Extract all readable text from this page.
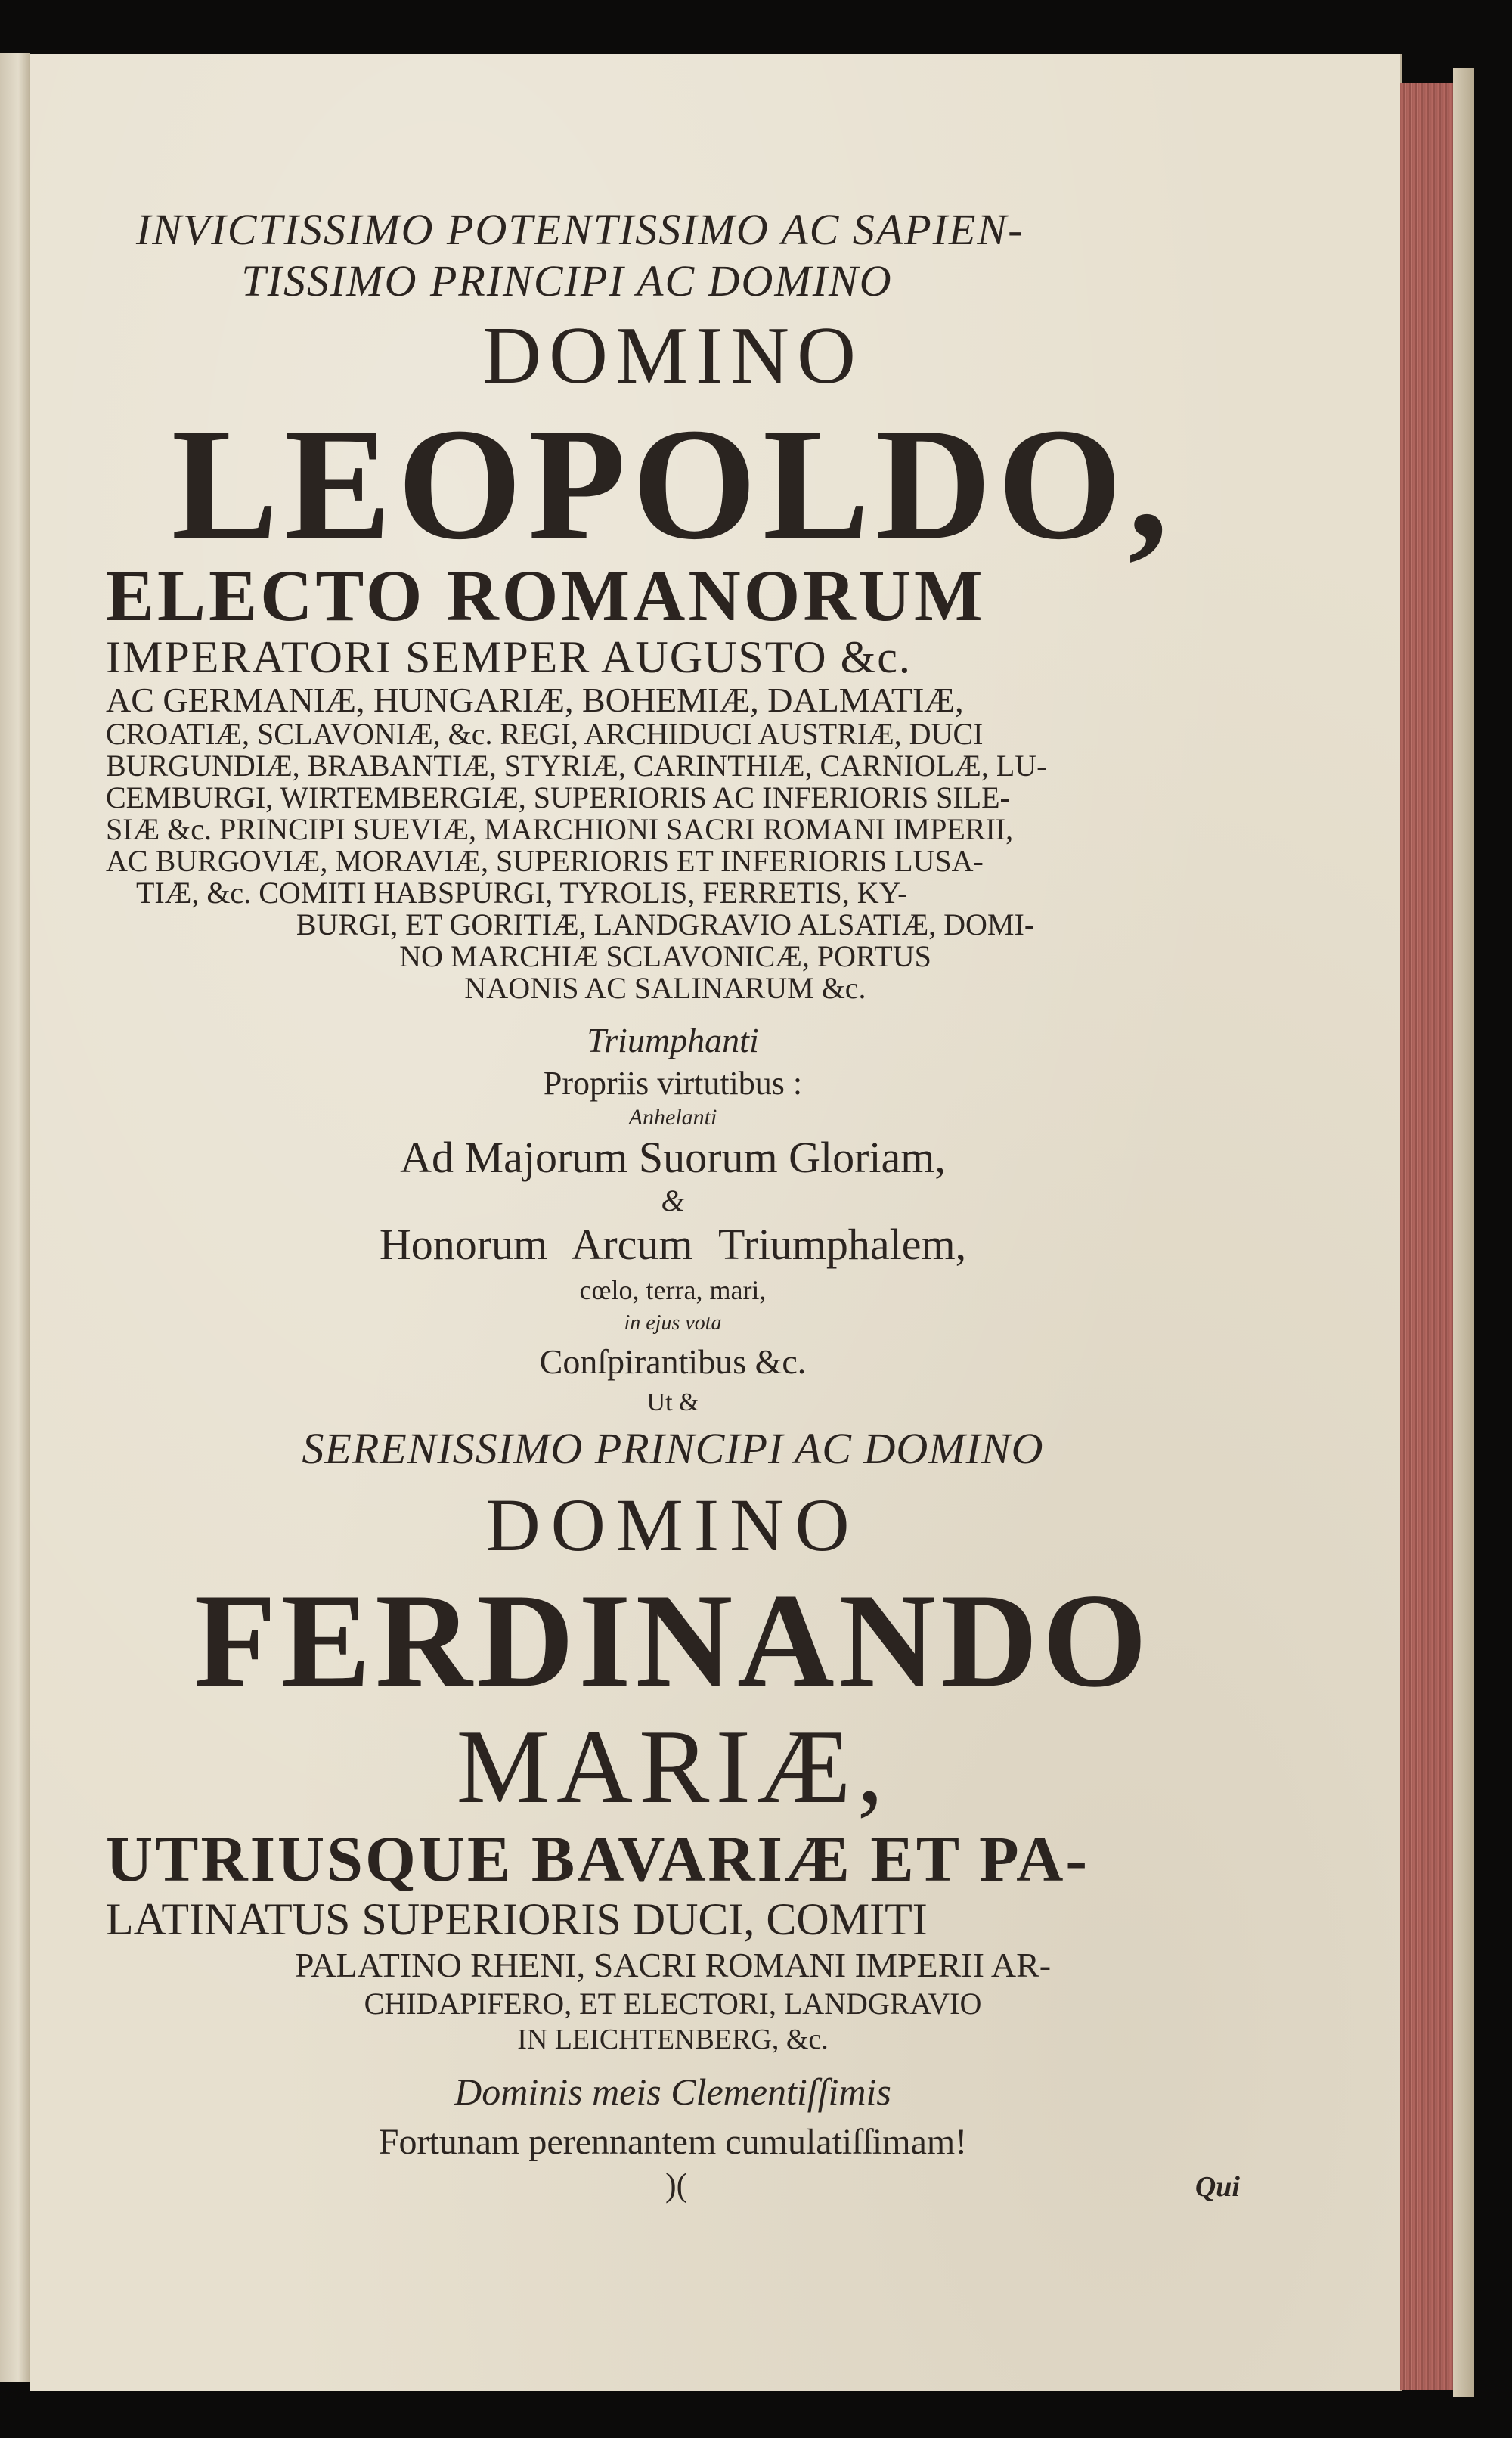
INVICTISSIMO POTENTISSIMO AC SAPIEN-
TISSIMO PRINCIPI AC DOMINO
DOMINO
LEOPOLDO,
ELECTO ROMANORUM
IMPERATORI SEMPER AUGUSTO &c.
AC GERMANIÆ, HUNGARIÆ, BOHEMIÆ, DALMATIÆ,
CROATIÆ, SCLAVONIÆ, &c. REGI, ARCHIDUCI AUSTRIÆ, DUCI
BURGUNDIÆ, BRABANTIÆ, STYRIÆ, CARINTHIÆ, CARNIOLÆ, LU-
CEMBURGI, WIRTEMBERGIÆ, SUPERIORIS AC INFERIORIS SILE-
SIÆ &c. PRINCIPI SUEVIÆ, MARCHIONI SACRI ROMANI IMPERII,
AC BURGOVIÆ, MORAVIÆ, SUPERIORIS ET INFERIORIS LUSA-
TIÆ, &c. COMITI HABSPURGI, TYROLIS, FERRETIS, KY-
BURGI, ET GORITIÆ, LANDGRAVIO ALSATIÆ, DOMI-
NO MARCHIÆ SCLAVONICÆ, PORTUS
NAONIS AC SALINARUM &c.
Triumphanti
Propriis virtutibus :
Anhelanti
Ad Majorum Suorum Gloriam,
&
Honorum Arcum Triumphalem,
cœlo, terra, mari,
in ejus vota
Conſpirantibus &c.
Ut &
SERENISSIMO PRINCIPI AC DOMINO
DOMINO
FERDINANDO
MARIÆ,
UTRIUSQUE BAVARIÆ ET PA-
LATINATUS SUPERIORIS DUCI, COMITI
PALATINO RHENI, SACRI ROMANI IMPERII AR-
CHIDAPIFERO, ET ELECTORI, LANDGRAVIO
IN LEICHTENBERG, &c.
Dominis meis Clementiſſimis
Fortunam perennantem cumulatiſſimam!
)(	Qui
